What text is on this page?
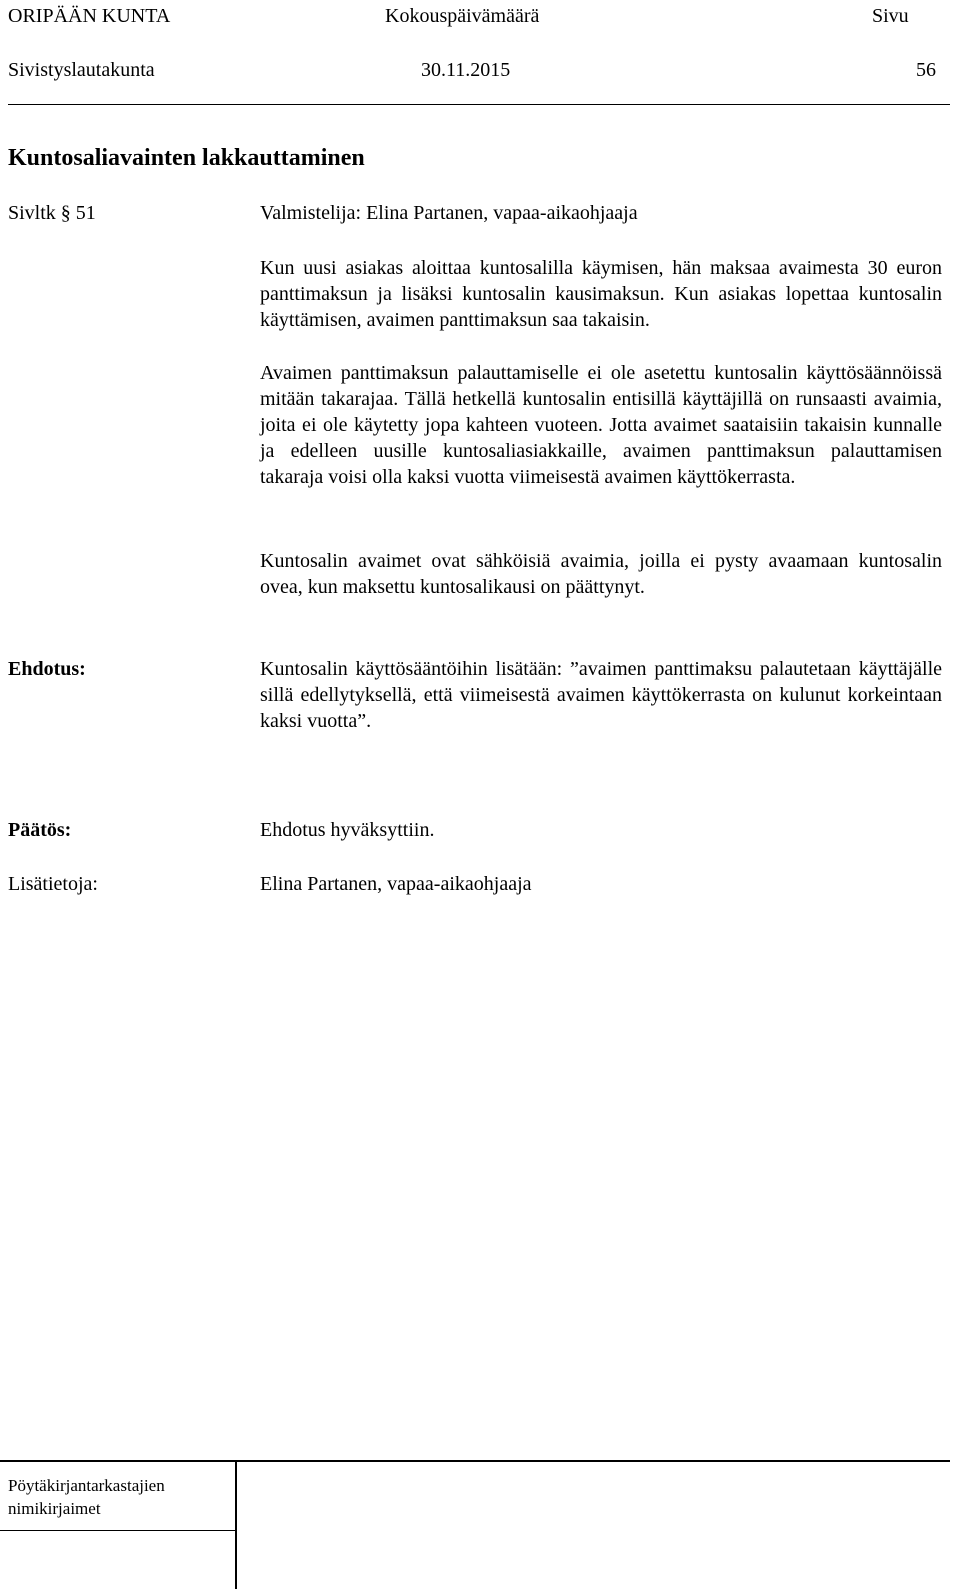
ORIPÄÄN KUNTA	Kokouspäivämäärä	Sivu
Sivistyslautakunta	30.11.2015	56
Kuntosaliavainten lakkauttaminen
Sivltk § 51	Valmistelija: Elina Partanen, vapaa-aikaohjaaja

Kun uusi asiakas aloittaa kuntosalilla käymisen, hän maksaa avaimesta 30 euron panttimaksun ja lisäksi kuntosalin kausimaksun. Kun asiakas lopettaa kuntosalin käyttämisen, avaimen panttimaksun saa takaisin.

Avaimen panttimaksun palauttamiselle ei ole asetettu kuntosalin käyttösäännöissä mitään takarajaa. Tällä hetkellä kuntosalin entisillä käyttäjillä on runsaasti avaimia, joita ei ole käytetty jopa kahteen vuoteen. Jotta avaimet saataisiin takaisin kunnalle ja edelleen uusille kuntosaliasiakkaille, avaimen panttimaksun palauttamisen takaraja voisi olla kaksi vuotta viimeisestä avaimen käyttökerrasta.

Kuntosalin avaimet ovat sähköisiä avaimia, joilla ei pysty avaamaan kuntosalin ovea, kun maksettu kuntosalikausi on päättynyt.

Ehdotus:	Kuntosalin käyttösääntöihin lisätään: ”avaimen panttimaksu palautetaan käyttäjälle sillä edellytyksellä, että viimeisestä avaimen käyttökerrasta on kulunut korkeintaan kaksi vuotta”.

Päätös:	Ehdotus hyväksyttiin.
Lisätietoja:	Elina Partanen, vapaa-aikaohjaaja
Pöytäkirjantarkastajien
nimikirjaimet
